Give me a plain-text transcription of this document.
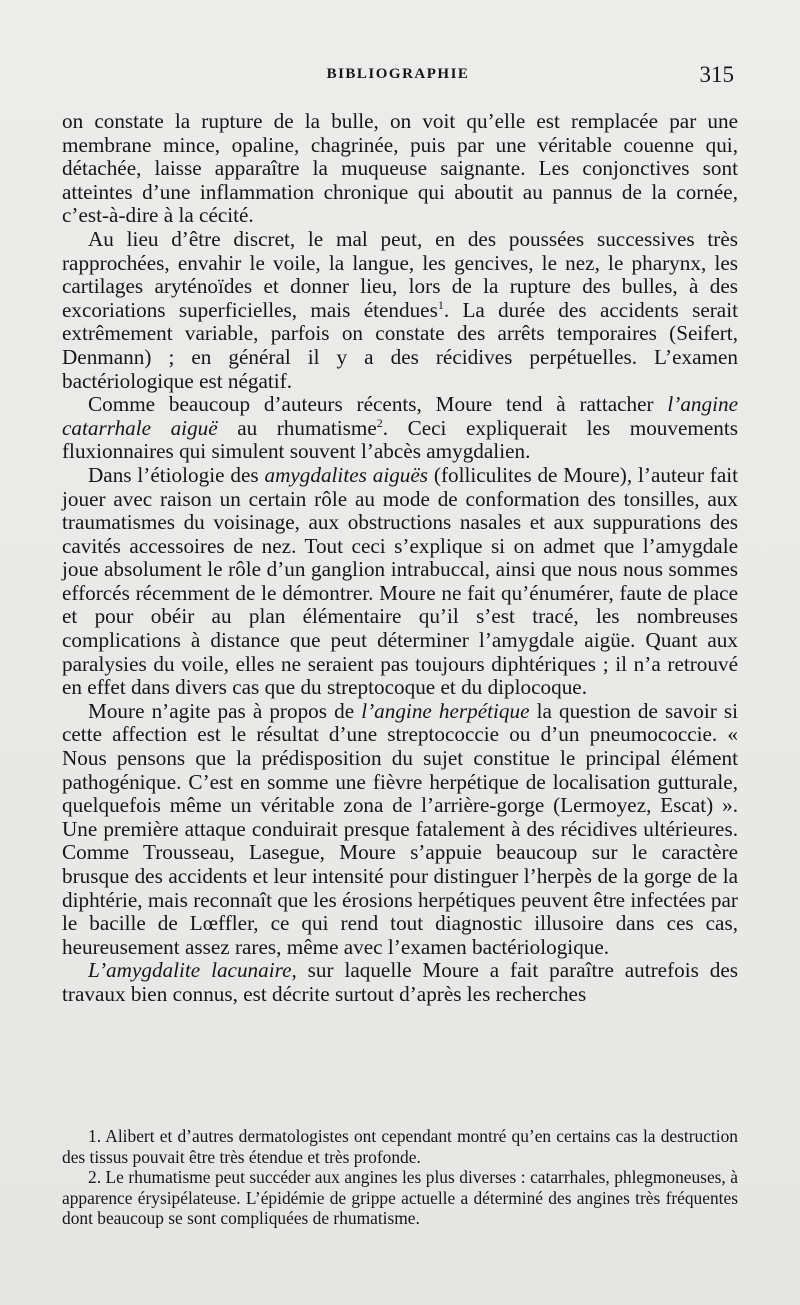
BIBLIOGRAPHIE	315

on constate la rupture de la bulle, on voit qu’elle est remplacée par une membrane mince, opaline, chagrinée, puis par une véritable couenne qui, détachée, laisse apparaître la muqueuse saignante. Les conjonctives sont atteintes d’une inflammation chronique qui aboutit au pannus de la cornée, c’est-à-dire à la cécité.

Au lieu d’être discret, le mal peut, en des poussées successives très rapprochées, envahir le voile, la langue, les gencives, le nez, le pharynx, les cartilages aryténoïdes et donner lieu, lors de la rupture des bulles, à des excoriations superficielles, mais étendues$^1$. La durée des accidents serait extrêmement variable, parfois on constate des arrêts temporaires (Seifert, Denmann) ; en général il y a des récidives perpétuelles. L’examen bactériologique est négatif.

Comme beaucoup d’auteurs récents, Moure tend à rattacher l’angine catarrhale aiguë au rhumatisme$^2$. Ceci expliquerait les mouvements fluxionnaires qui simulent souvent l’abcès amygdalien.

Dans l’étiologie des amygdalites aiguës (folliculites de Moure), l’auteur fait jouer avec raison un certain rôle au mode de conformation des tonsilles, aux traumatismes du voisinage, aux obstructions nasales et aux suppurations des cavités accessoires de nez. Tout ceci s’explique si on admet que l’amygdale joue absolument le rôle d’un ganglion intrabuccal, ainsi que nous nous sommes efforcés récemment de le démontrer. Moure ne fait qu’énumérer, faute de place et pour obéir au plan élémentaire qu’il s’est tracé, les nombreuses complications à distance que peut déterminer l’amygdale aigüe. Quant aux paralysies du voile, elles ne seraient pas toujours diphtériques ; il n’a retrouvé en effet dans divers cas que du streptocoque et du diplocoque.

Moure n’agite pas à propos de l’angine herpétique la question de savoir si cette affection est le résultat d’une streptococcie ou d’un pneumococcie. « Nous pensons que la prédisposition du sujet constitue le principal élément pathogénique. C’est en somme une fièvre herpétique de localisation gutturale, quelquefois même un véritable zona de l’arrière-gorge (Lermoyez, Escat) ». Une première attaque conduirait presque fatalement à des récidives ultérieures. Comme Trousseau, Lasegue, Moure s’appuie beaucoup sur le caractère brusque des accidents et leur intensité pour distinguer l’herpès de la gorge de la diphtérie, mais reconnaît que les érosions herpétiques peuvent être infectées par le bacille de Lœffler, ce qui rend tout diagnostic illusoire dans ces cas, heureusement assez rares, même avec l’examen bactériologique.

L’amygdalite lacunaire, sur laquelle Moure a fait paraître autrefois des travaux bien connus, est décrite surtout d’après les recherches

1. Alibert et d’autres dermatologistes ont cependant montré qu’en certains cas la destruction des tissus pouvait être très étendue et très profonde.

2. Le rhumatisme peut succéder aux angines les plus diverses : catarrhales, phlegmoneuses, à apparence érysipélateuse. L’épidémie de grippe actuelle a déterminé des angines très fréquentes dont beaucoup se sont compliquées de rhumatisme.
